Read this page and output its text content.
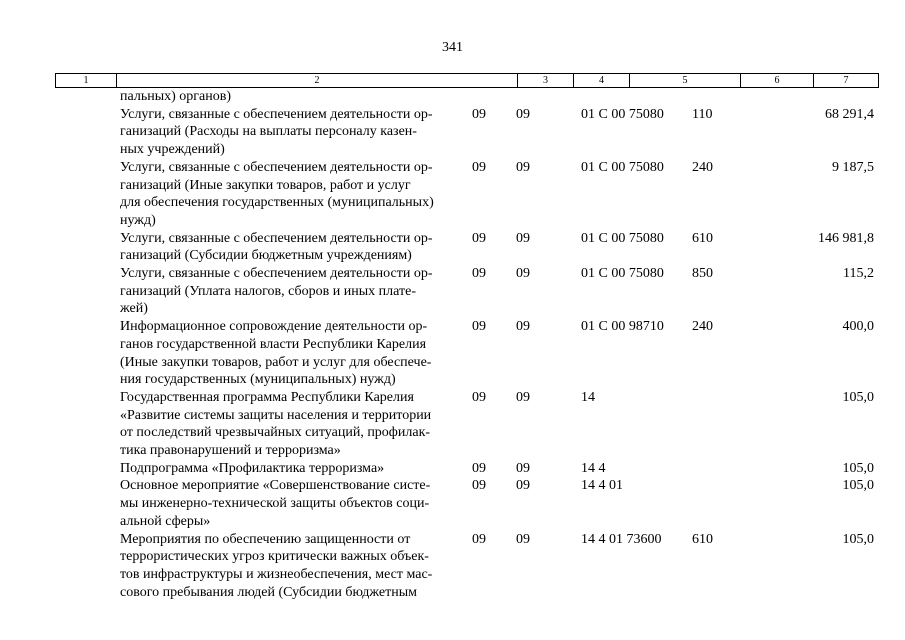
341
1	2	3	4	5	6	7
пальных) органов)
Услуги, связанные с обеспечением деятельности ор-
ганизаций (Расходы на выплаты персоналу казен-
ных учреждений)
09 09	01 С 00 75080 110	68 291,4
Услуги, связанные с обеспечением деятельности ор-
ганизаций (Иные закупки товаров, работ и услуг
для обеспечения государственных (муниципальных)
нужд)
09 09	01 С 00 75080 240	9 187,5
Услуги, связанные с обеспечением деятельности ор-
ганизаций (Субсидии бюджетным учреждениям)
09 09	01 С 00 75080 610	146 981,8
Услуги, связанные с обеспечением деятельности ор-
ганизаций (Уплата налогов, сборов и иных плате-
жей)
09 09	01 С 00 75080 850	115,2
Информационное сопровождение деятельности ор-
ганов государственной власти Республики Карелия
(Иные закупки товаров, работ и услуг для обеспече-
ния государственных (муниципальных) нужд)
09 09	01 С 00 98710 240	400,0
Государственная программа Республики Карелия
«Развитие системы защиты населения и территории
от последствий чрезвычайных ситуаций, профилак-
тика правонарушений и терроризма»
09 09	14	105,0
Подпрограмма «Профилактика терроризма»	09 09	14 4	105,0
Основное мероприятие «Совершенствование систе-
мы инженерно-технической защиты объектов соци-
альной сферы»
09 09	14 4 01	105,0
Мероприятия по обеспечению защищенности от
террористических угроз критически важных объек-
тов инфраструктуры и жизнеобеспечения, мест мас-
сового пребывания людей (Субсидии бюджетным
09 09	14 4 01 73600 610	105,0
